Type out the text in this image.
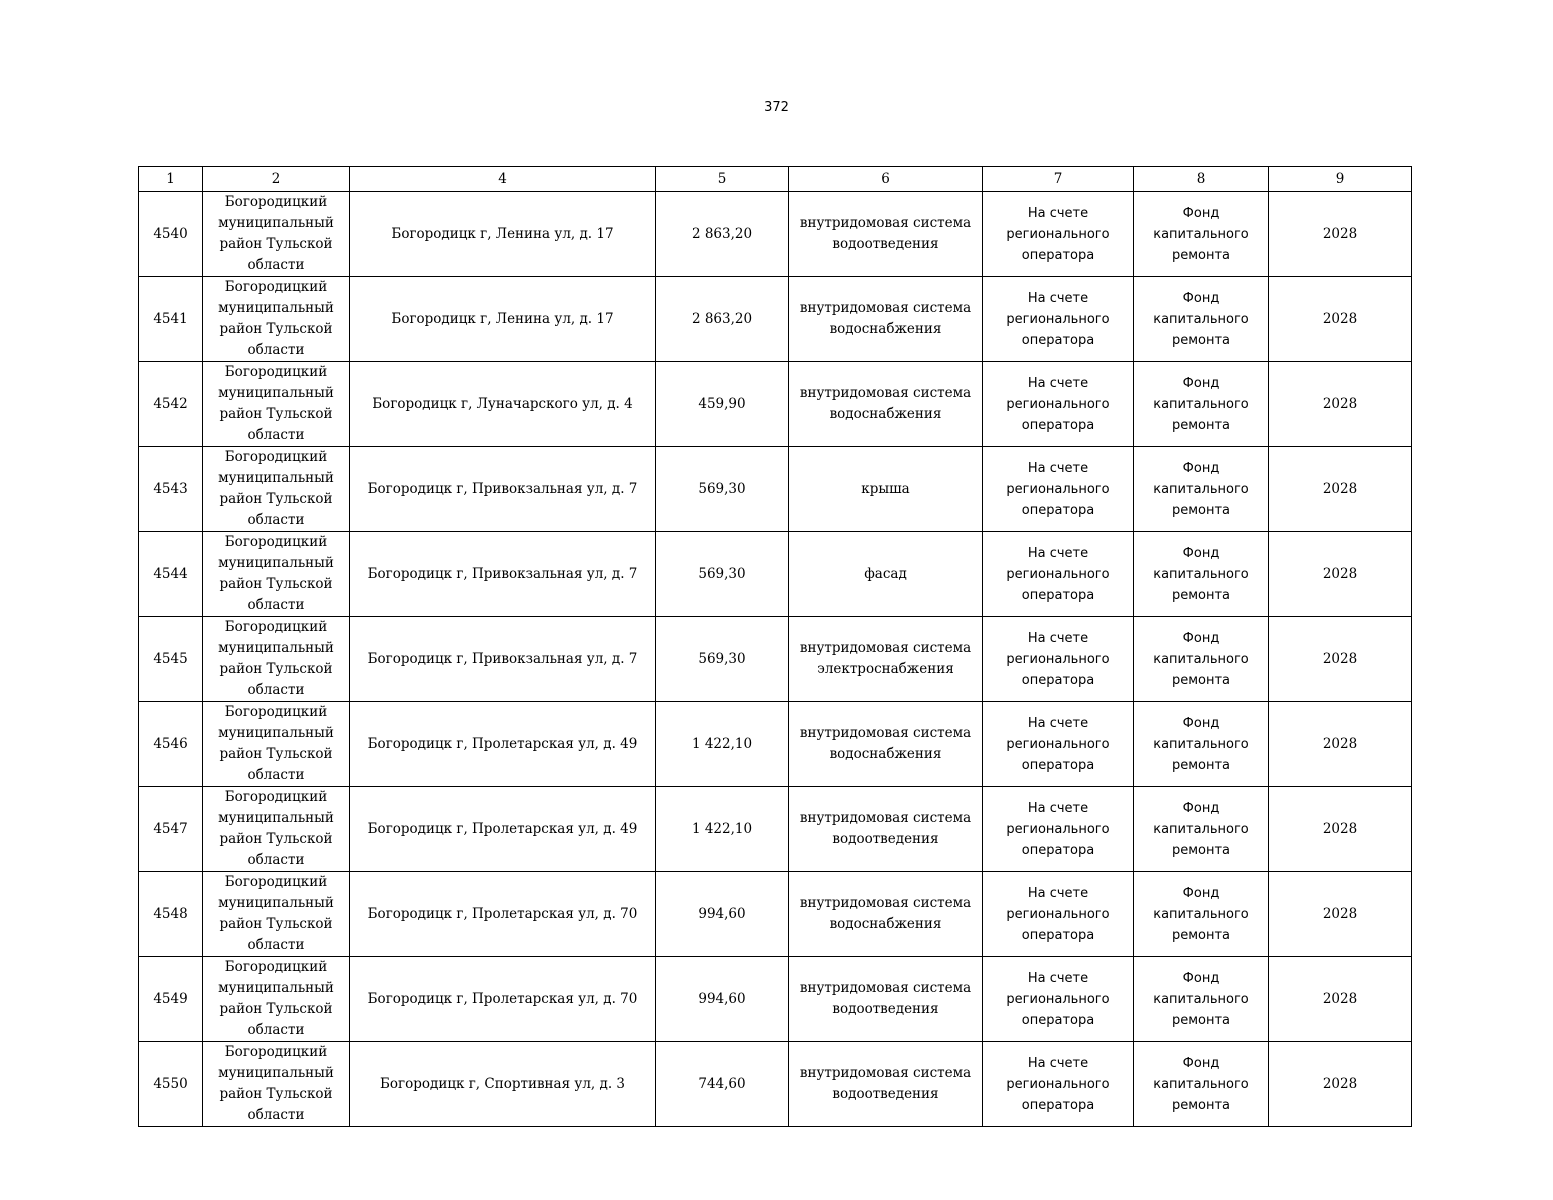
372
1	2	4	5	6	7	8	9
4540	Богородицкий муниципальный район Тульской области	Богородицк г, Ленина ул, д. 17	2 863,20	внутридомовая система водоотведения	На счете регионального оператора	Фонд капитального ремонта	2028
4541	Богородицкий муниципальный район Тульской области	Богородицк г, Ленина ул, д. 17	2 863,20	внутридомовая система водоснабжения	На счете регионального оператора	Фонд капитального ремонта	2028
4542	Богородицкий муниципальный район Тульской области	Богородицк г, Луначарского ул, д. 4	459,90	внутридомовая система водоснабжения	На счете регионального оператора	Фонд капитального ремонта	2028
4543	Богородицкий муниципальный район Тульской области	Богородицк г, Привокзальная ул, д. 7	569,30	крыша	На счете регионального оператора	Фонд капитального ремонта	2028
4544	Богородицкий муниципальный район Тульской области	Богородицк г, Привокзальная ул, д. 7	569,30	фасад	На счете регионального оператора	Фонд капитального ремонта	2028
4545	Богородицкий муниципальный район Тульской области	Богородицк г, Привокзальная ул, д. 7	569,30	внутридомовая система электроснабжения	На счете регионального оператора	Фонд капитального ремонта	2028
4546	Богородицкий муниципальный район Тульской области	Богородицк г, Пролетарская ул, д. 49	1 422,10	внутридомовая система водоснабжения	На счете регионального оператора	Фонд капитального ремонта	2028
4547	Богородицкий муниципальный район Тульской области	Богородицк г, Пролетарская ул, д. 49	1 422,10	внутридомовая система водоотведения	На счете регионального оператора	Фонд капитального ремонта	2028
4548	Богородицкий муниципальный район Тульской области	Богородицк г, Пролетарская ул, д. 70	994,60	внутридомовая система водоснабжения	На счете регионального оператора	Фонд капитального ремонта	2028
4549	Богородицкий муниципальный район Тульской области	Богородицк г, Пролетарская ул, д. 70	994,60	внутридомовая система водоотведения	На счете регионального оператора	Фонд капитального ремонта	2028
4550	Богородицкий муниципальный район Тульской области	Богородицк г, Спортивная ул, д. 3	744,60	внутридомовая система водоотведения	На счете регионального оператора	Фонд капитального ремонта	2028
